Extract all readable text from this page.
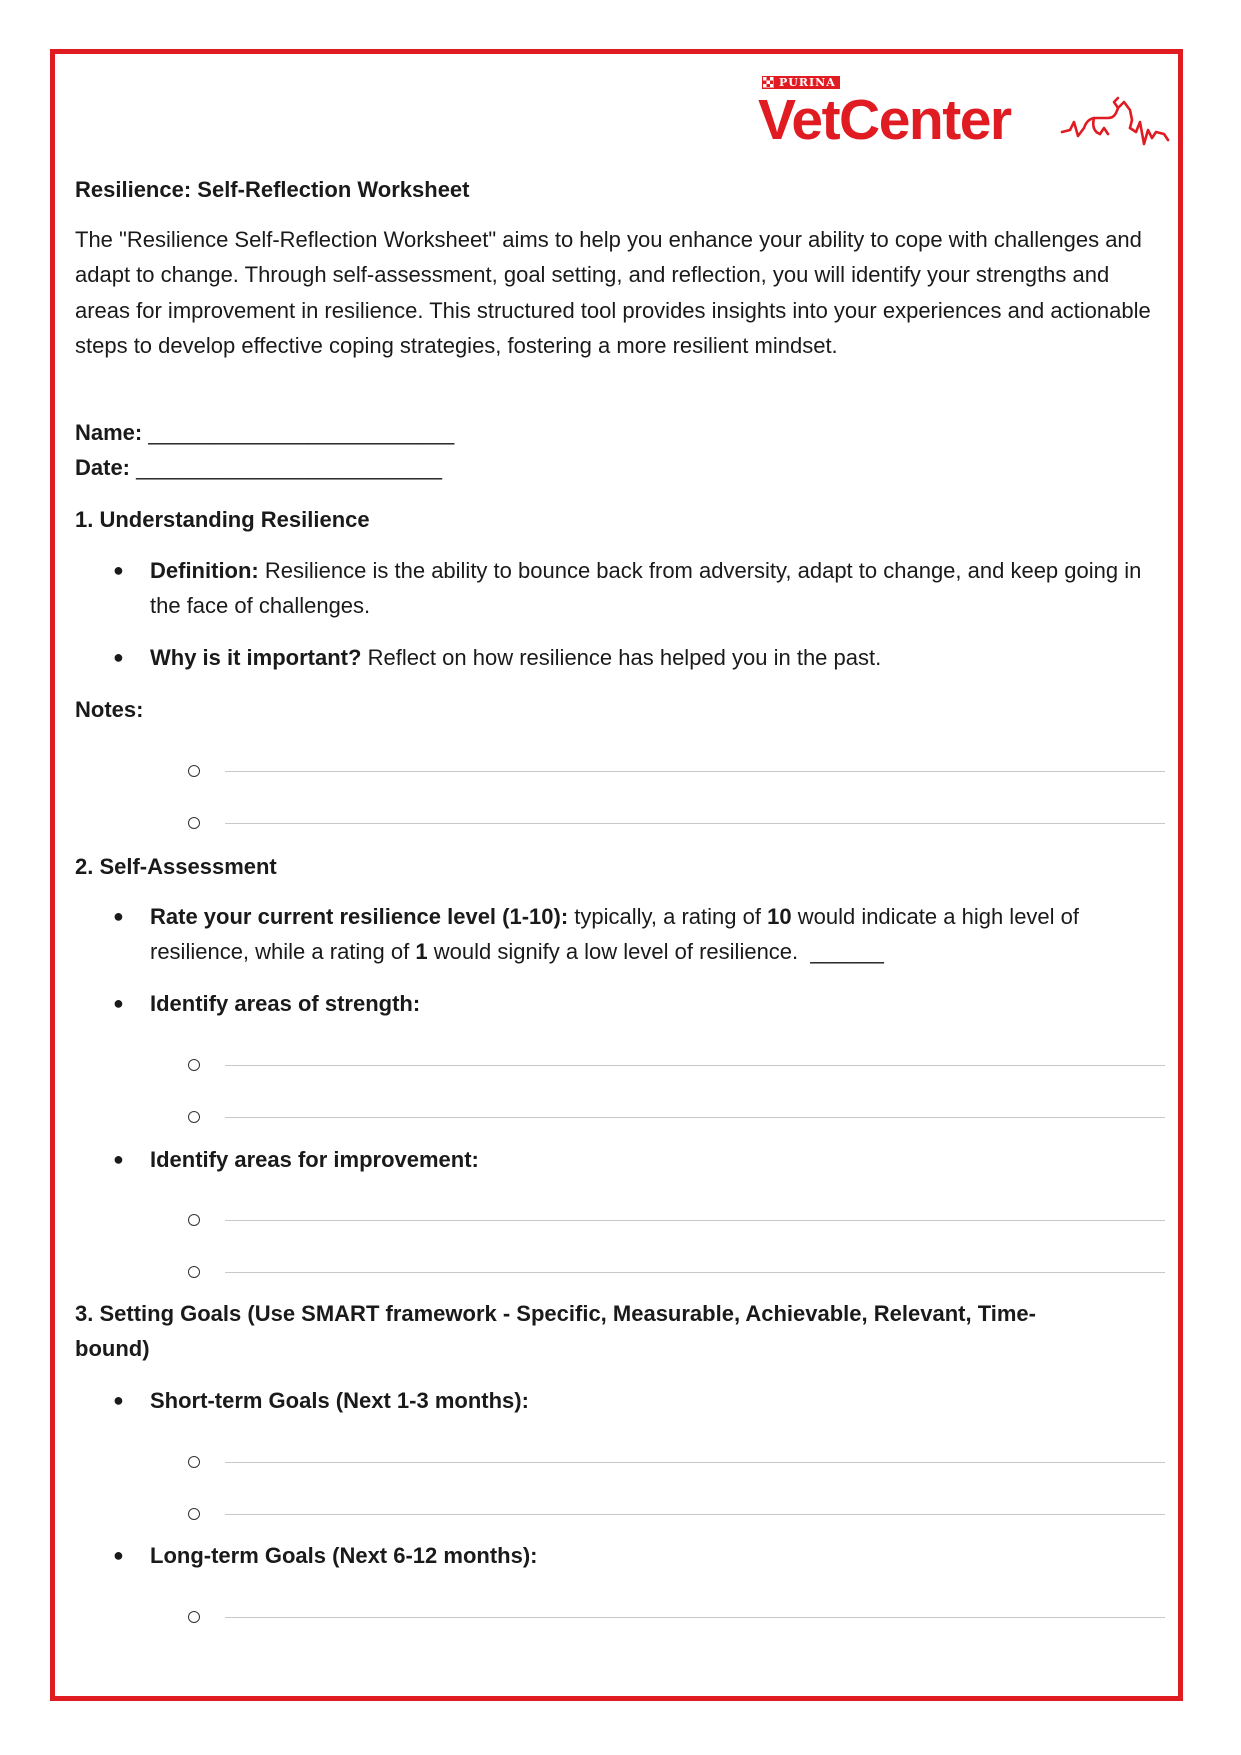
PURINA
VetCenter
Resilience: Self-Reflection Worksheet
The "Resilience Self-Reflection Worksheet" aims to help you enhance your ability to cope with challenges and adapt to change. Through self-assessment, goal setting, and reflection, you will identify your strengths and areas for improvement in resilience. This structured tool provides insights into your experiences and actionable steps to develop effective coping strategies, fostering a more resilient mindset.
Name: _________________________
Date: _________________________
1. Understanding Resilience
● Definition: Resilience is the ability to bounce back from adversity, adapt to change, and keep going in the face of challenges.
● Why is it important? Reflect on how resilience has helped you in the past.
Notes:
2. Self-Assessment
● Rate your current resilience level (1-10): typically, a rating of 10 would indicate a high level of resilience, while a rating of 1 would signify a low level of resilience. ______
● Identify areas of strength:
● Identify areas for improvement:
3. Setting Goals (Use SMART framework - Specific, Measurable, Achievable, Relevant, Time-bound)
● Short-term Goals (Next 1-3 months):
● Long-term Goals (Next 6-12 months):
